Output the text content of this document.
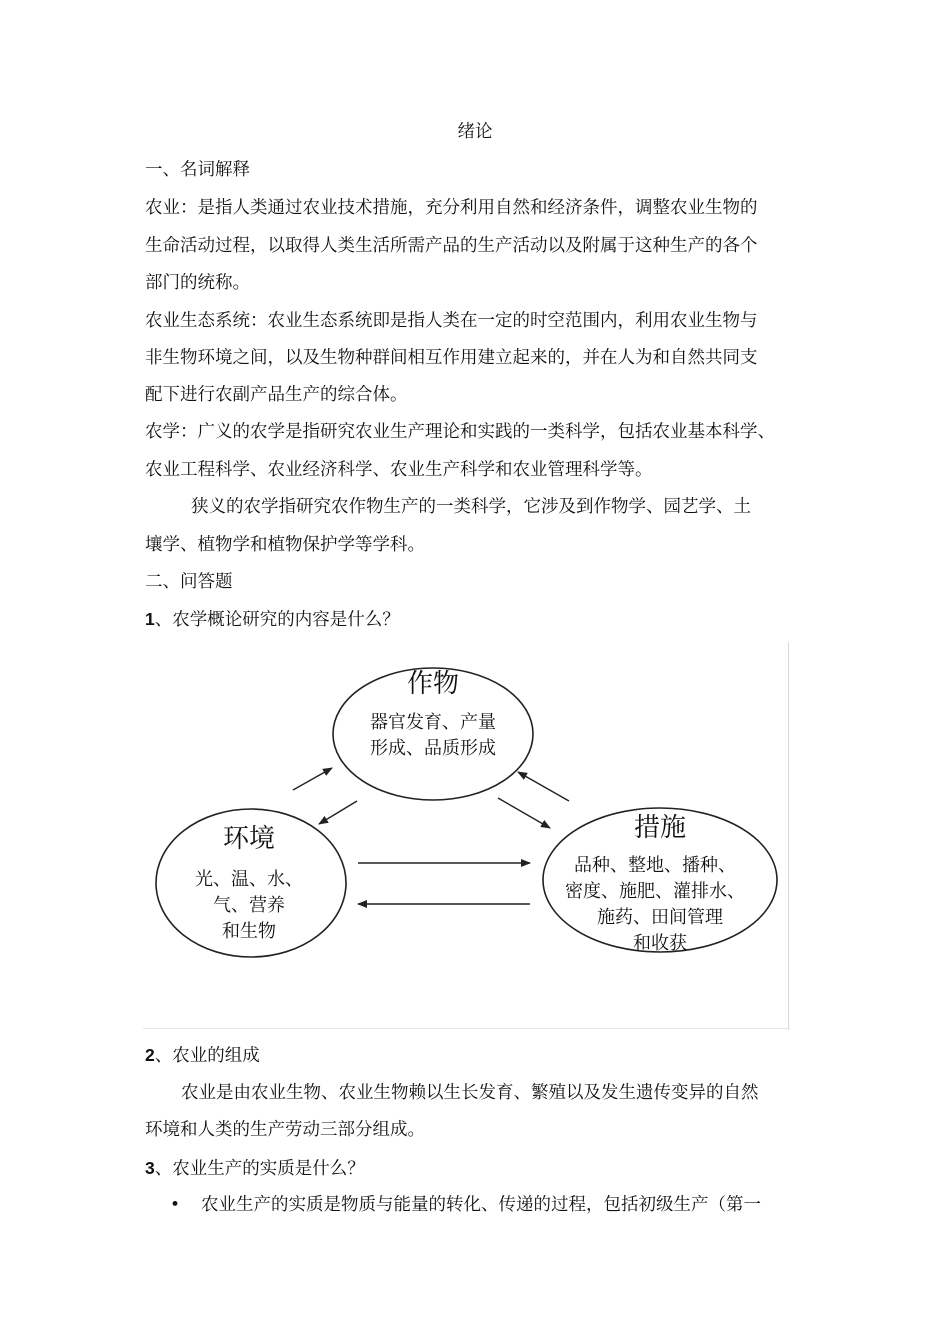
绪论
一、名词解释
农业：是指人类通过农业技术措施，充分利用自然和经济条件，调整农业生物的
生命活动过程，以取得人类生活所需产品的生产活动以及附属于这种生产的各个
部门的统称。
农业生态系统：农业生态系统即是指人类在一定的时空范围内，利用农业生物与
非生物环境之间，以及生物种群间相互作用建立起来的，并在人为和自然共同支
配下进行农副产品生产的综合体。
农学：广义的农学是指研究农业生产理论和实践的一类科学，包括农业基本科学、
农业工程科学、农业经济科学、农业生产科学和农业管理科学等。
狭义的农学指研究农作物生产的一类科学，它涉及到作物学、园艺学、土
壤学、植物学和植物保护学等学科。
二、问答题
1、农学概论研究的内容是什么？
作物
器官发育、产量
形成、品质形成
环境
光、温、水、
气、营养
和生物
措施
品种、整地、播种、
密度、施肥、灌排水、
施药、田间管理
和收获
2、农业的组成
农业是由农业生物、农业生物赖以生长发育、繁殖以及发生遗传变异的自然
环境和人类的生产劳动三部分组成。
3、农业生产的实质是什么？
• 农业生产的实质是物质与能量的转化、传递的过程，包括初级生产（第一
